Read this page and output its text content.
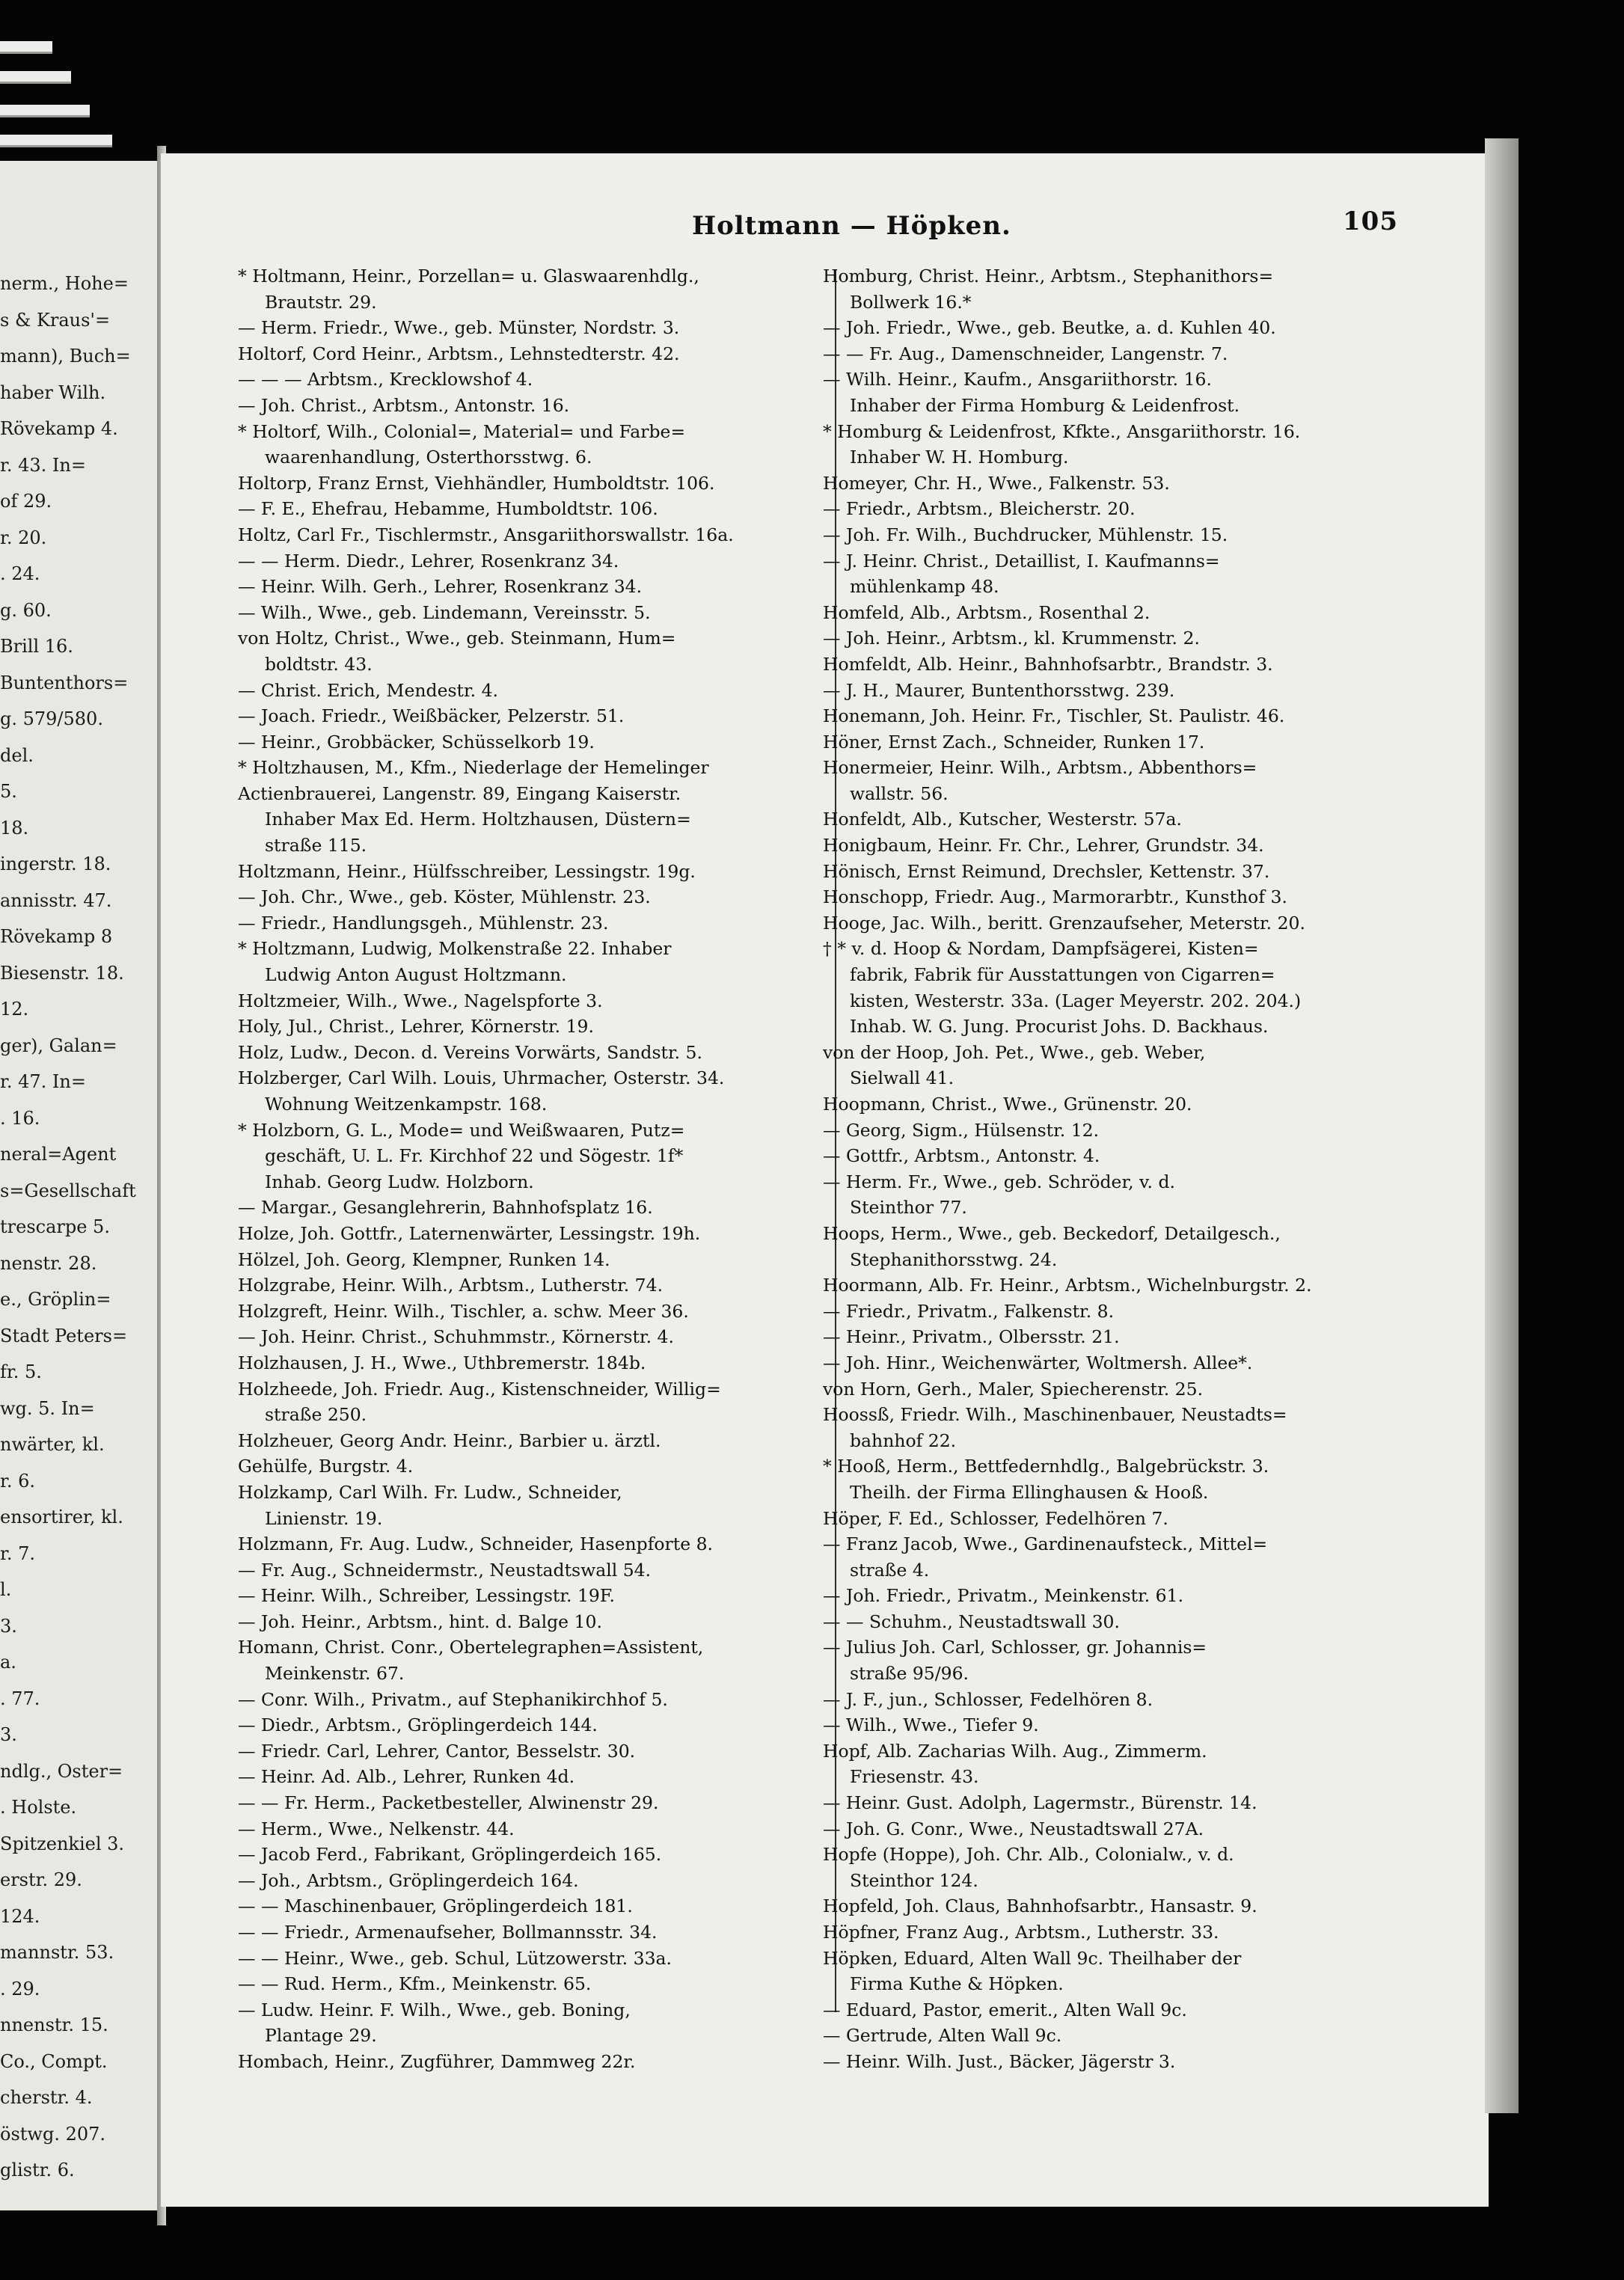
nerm., Hohe=
s & Kraus'=
mann), Buch=
haber Wilh.
Rövekamp 4.
r. 43. In=
of 29.
r. 20.
. 24.
g. 60.
Brill 16.
Buntenthors=
g. 579/580.
del.
5.
18.
ingerstr. 18.
annisstr. 47.
Rövekamp 8
Biesenstr. 18.
12.
ger), Galan=
r. 47. In=
. 16.
neral=Agent
s=Gesellschaft
trescarpe 5.
nenstr. 28.
e., Gröplin=
Stadt Peters=
fr. 5.
wg. 5. In=
nwärter, kl.
r. 6.
ensortirer, kl.
r. 7.
l.
3.
a.
. 77.
3.
ndlg., Oster=
. Holste.
Spitzenkiel 3.
erstr. 29.
124.
mannstr. 53.
. 29.
nnenstr. 15.
Co., Compt.
cherstr. 4.
östwg. 207.
glistr. 6.
Holtmann — Höpken.	105
* Holtmann, Heinr., Porzellan= u. Glaswaarenhdlg.,
Brautstr. 29.
— Herm. Friedr., Wwe., geb. Münster, Nordstr. 3.
Holtorf, Cord Heinr., Arbtsm., Lehnstedterstr. 42.
— — — Arbtsm., Krecklowshof 4.
— Joh. Christ., Arbtsm., Antonstr. 16.
* Holtorf, Wilh., Colonial=, Material= und Farbe=
waarenhandlung, Osterthorsstwg. 6.
Holtorp, Franz Ernst, Viehhändler, Humboldtstr. 106.
— F. E., Ehefrau, Hebamme, Humboldtstr. 106.
Holtz, Carl Fr., Tischlermstr., Ansgariithorswallstr. 16a.
— — Herm. Diedr., Lehrer, Rosenkranz 34.
— Heinr. Wilh. Gerh., Lehrer, Rosenkranz 34.
— Wilh., Wwe., geb. Lindemann, Vereinsstr. 5.
von Holtz, Christ., Wwe., geb. Steinmann, Hum=
boldtstr. 43.
— Christ. Erich, Mendestr. 4.
— Joach. Friedr., Weißbäcker, Pelzerstr. 51.
— Heinr., Grobbäcker, Schüsselkorb 19.
* Holtzhausen, M., Kfm., Niederlage der Hemelinger
Actienbrauerei, Langenstr. 89, Eingang Kaiserstr.
Inhaber Max Ed. Herm. Holtzhausen, Düstern=
straße 115.
Holtzmann, Heinr., Hülfsschreiber, Lessingstr. 19g.
— Joh. Chr., Wwe., geb. Köster, Mühlenstr. 23.
— Friedr., Handlungsgeh., Mühlenstr. 23.
* Holtzmann, Ludwig, Molkenstraße 22. Inhaber
Ludwig Anton August Holtzmann.
Holtzmeier, Wilh., Wwe., Nagelspforte 3.
Holy, Jul., Christ., Lehrer, Körnerstr. 19.
Holz, Ludw., Decon. d. Vereins Vorwärts, Sandstr. 5.
Holzberger, Carl Wilh. Louis, Uhrmacher, Osterstr. 34.
Wohnung Weitzenkampstr. 168.
* Holzborn, G. L., Mode= und Weißwaaren, Putz=
geschäft, U. L. Fr. Kirchhof 22 und Sögestr. 1f*
Inhab. Georg Ludw. Holzborn.
— Margar., Gesanglehrerin, Bahnhofsplatz 16.
Holze, Joh. Gottfr., Laternenwärter, Lessingstr. 19h.
Hölzel, Joh. Georg, Klempner, Runken 14.
Holzgrabe, Heinr. Wilh., Arbtsm., Lutherstr. 74.
Holzgreft, Heinr. Wilh., Tischler, a. schw. Meer 36.
— Joh. Heinr. Christ., Schuhmmstr., Körnerstr. 4.
Holzhausen, J. H., Wwe., Uthbremerstr. 184b.
Holzheede, Joh. Friedr. Aug., Kistenschneider, Willig=
straße 250.
Holzheuer, Georg Andr. Heinr., Barbier u. ärztl.
Gehülfe, Burgstr. 4.
Holzkamp, Carl Wilh. Fr. Ludw., Schneider,
Linienstr. 19.
Holzmann, Fr. Aug. Ludw., Schneider, Hasenpforte 8.
— Fr. Aug., Schneidermstr., Neustadtswall 54.
— Heinr. Wilh., Schreiber, Lessingstr. 19F.
— Joh. Heinr., Arbtsm., hint. d. Balge 10.
Homann, Christ. Conr., Obertelegraphen=Assistent,
Meinkenstr. 67.
— Conr. Wilh., Privatm., auf Stephanikirchhof 5.
— Diedr., Arbtsm., Gröplingerdeich 144.
— Friedr. Carl, Lehrer, Cantor, Besselstr. 30.
— Heinr. Ad. Alb., Lehrer, Runken 4d.
— — Fr. Herm., Packetbesteller, Alwinenstr 29.
— Herm., Wwe., Nelkenstr. 44.
— Jacob Ferd., Fabrikant, Gröplingerdeich 165.
— Joh., Arbtsm., Gröplingerdeich 164.
— — Maschinenbauer, Gröplingerdeich 181.
— — Friedr., Armenaufseher, Bollmannsstr. 34.
— — Heinr., Wwe., geb. Schul, Lützowerstr. 33a.
— — Rud. Herm., Kfm., Meinkenstr. 65.
— Ludw. Heinr. F. Wilh., Wwe., geb. Boning,
Plantage 29.
Hombach, Heinr., Zugführer, Dammweg 22r.
Homburg, Christ. Heinr., Arbtsm., Stephanithors=
Bollwerk 16.*
— Joh. Friedr., Wwe., geb. Beutke, a. d. Kuhlen 40.
— — Fr. Aug., Damenschneider, Langenstr. 7.
— Wilh. Heinr., Kaufm., Ansgariithorstr. 16.
Inhaber der Firma Homburg & Leidenfrost.
* Homburg & Leidenfrost, Kfkte., Ansgariithorstr. 16.
Inhaber W. H. Homburg.
Homeyer, Chr. H., Wwe., Falkenstr. 53.
— Friedr., Arbtsm., Bleicherstr. 20.
— Joh. Fr. Wilh., Buchdrucker, Mühlenstr. 15.
— J. Heinr. Christ., Detaillist, I. Kaufmanns=
mühlenkamp 48.
Homfeld, Alb., Arbtsm., Rosenthal 2.
— Joh. Heinr., Arbtsm., kl. Krummenstr. 2.
Homfeldt, Alb. Heinr., Bahnhofsarbtr., Brandstr. 3.
— J. H., Maurer, Buntenthorsstwg. 239.
Honemann, Joh. Heinr. Fr., Tischler, St. Paulistr. 46.
Höner, Ernst Zach., Schneider, Runken 17.
Honermeier, Heinr. Wilh., Arbtsm., Abbenthors=
wallstr. 56.
Honfeldt, Alb., Kutscher, Westerstr. 57a.
Honigbaum, Heinr. Fr. Chr., Lehrer, Grundstr. 34.
Hönisch, Ernst Reimund, Drechsler, Kettenstr. 37.
Honschopp, Friedr. Aug., Marmorarbtr., Kunsthof 3.
Hooge, Jac. Wilh., beritt. Grenzaufseher, Meterstr. 20.
† * v. d. Hoop & Nordam, Dampfsägerei, Kisten=
fabrik, Fabrik für Ausstattungen von Cigarren=
kisten, Westerstr. 33a. (Lager Meyerstr. 202. 204.)
Inhab. W. G. Jung. Procurist Johs. D. Backhaus.
von der Hoop, Joh. Pet., Wwe., geb. Weber,
Sielwall 41.
Hoopmann, Christ., Wwe., Grünenstr. 20.
— Georg, Sigm., Hülsenstr. 12.
— Gottfr., Arbtsm., Antonstr. 4.
— Herm. Fr., Wwe., geb. Schröder, v. d.
Steinthor 77.
Hoops, Herm., Wwe., geb. Beckedorf, Detailgesch.,
Stephanithorsstwg. 24.
Hoormann, Alb. Fr. Heinr., Arbtsm., Wichelnburgstr. 2.
— Friedr., Privatm., Falkenstr. 8.
— Heinr., Privatm., Olbersstr. 21.
— Joh. Hinr., Weichenwärter, Woltmersh. Allee*.
von Horn, Gerh., Maler, Spiecherenstr. 25.
Hoossß, Friedr. Wilh., Maschinenbauer, Neustadts=
bahnhof 22.
* Hooß, Herm., Bettfedernhdlg., Balgebrückstr. 3.
Theilh. der Firma Ellinghausen & Hooß.
Höper, F. Ed., Schlosser, Fedelhören 7.
— Franz Jacob, Wwe., Gardinenaufsteck., Mittel=
straße 4.
— Joh. Friedr., Privatm., Meinkenstr. 61.
— — Schuhm., Neustadtswall 30.
— Julius Joh. Carl, Schlosser, gr. Johannis=
straße 95/96.
— J. F., jun., Schlosser, Fedelhören 8.
— Wilh., Wwe., Tiefer 9.
Hopf, Alb. Zacharias Wilh. Aug., Zimmerm.
Friesenstr. 43.
— Heinr. Gust. Adolph, Lagermstr., Bürenstr. 14.
— Joh. G. Conr., Wwe., Neustadtswall 27A.
Hopfe (Hoppe), Joh. Chr. Alb., Colonialw., v. d.
Steinthor 124.
Hopfeld, Joh. Claus, Bahnhofsarbtr., Hansastr. 9.
Höpfner, Franz Aug., Arbtsm., Lutherstr. 33.
Höpken, Eduard, Alten Wall 9c. Theilhaber der
Firma Kuthe & Höpken.
— Eduard, Pastor, emerit., Alten Wall 9c.
— Gertrude, Alten Wall 9c.
— Heinr. Wilh. Just., Bäcker, Jägerstr 3.
